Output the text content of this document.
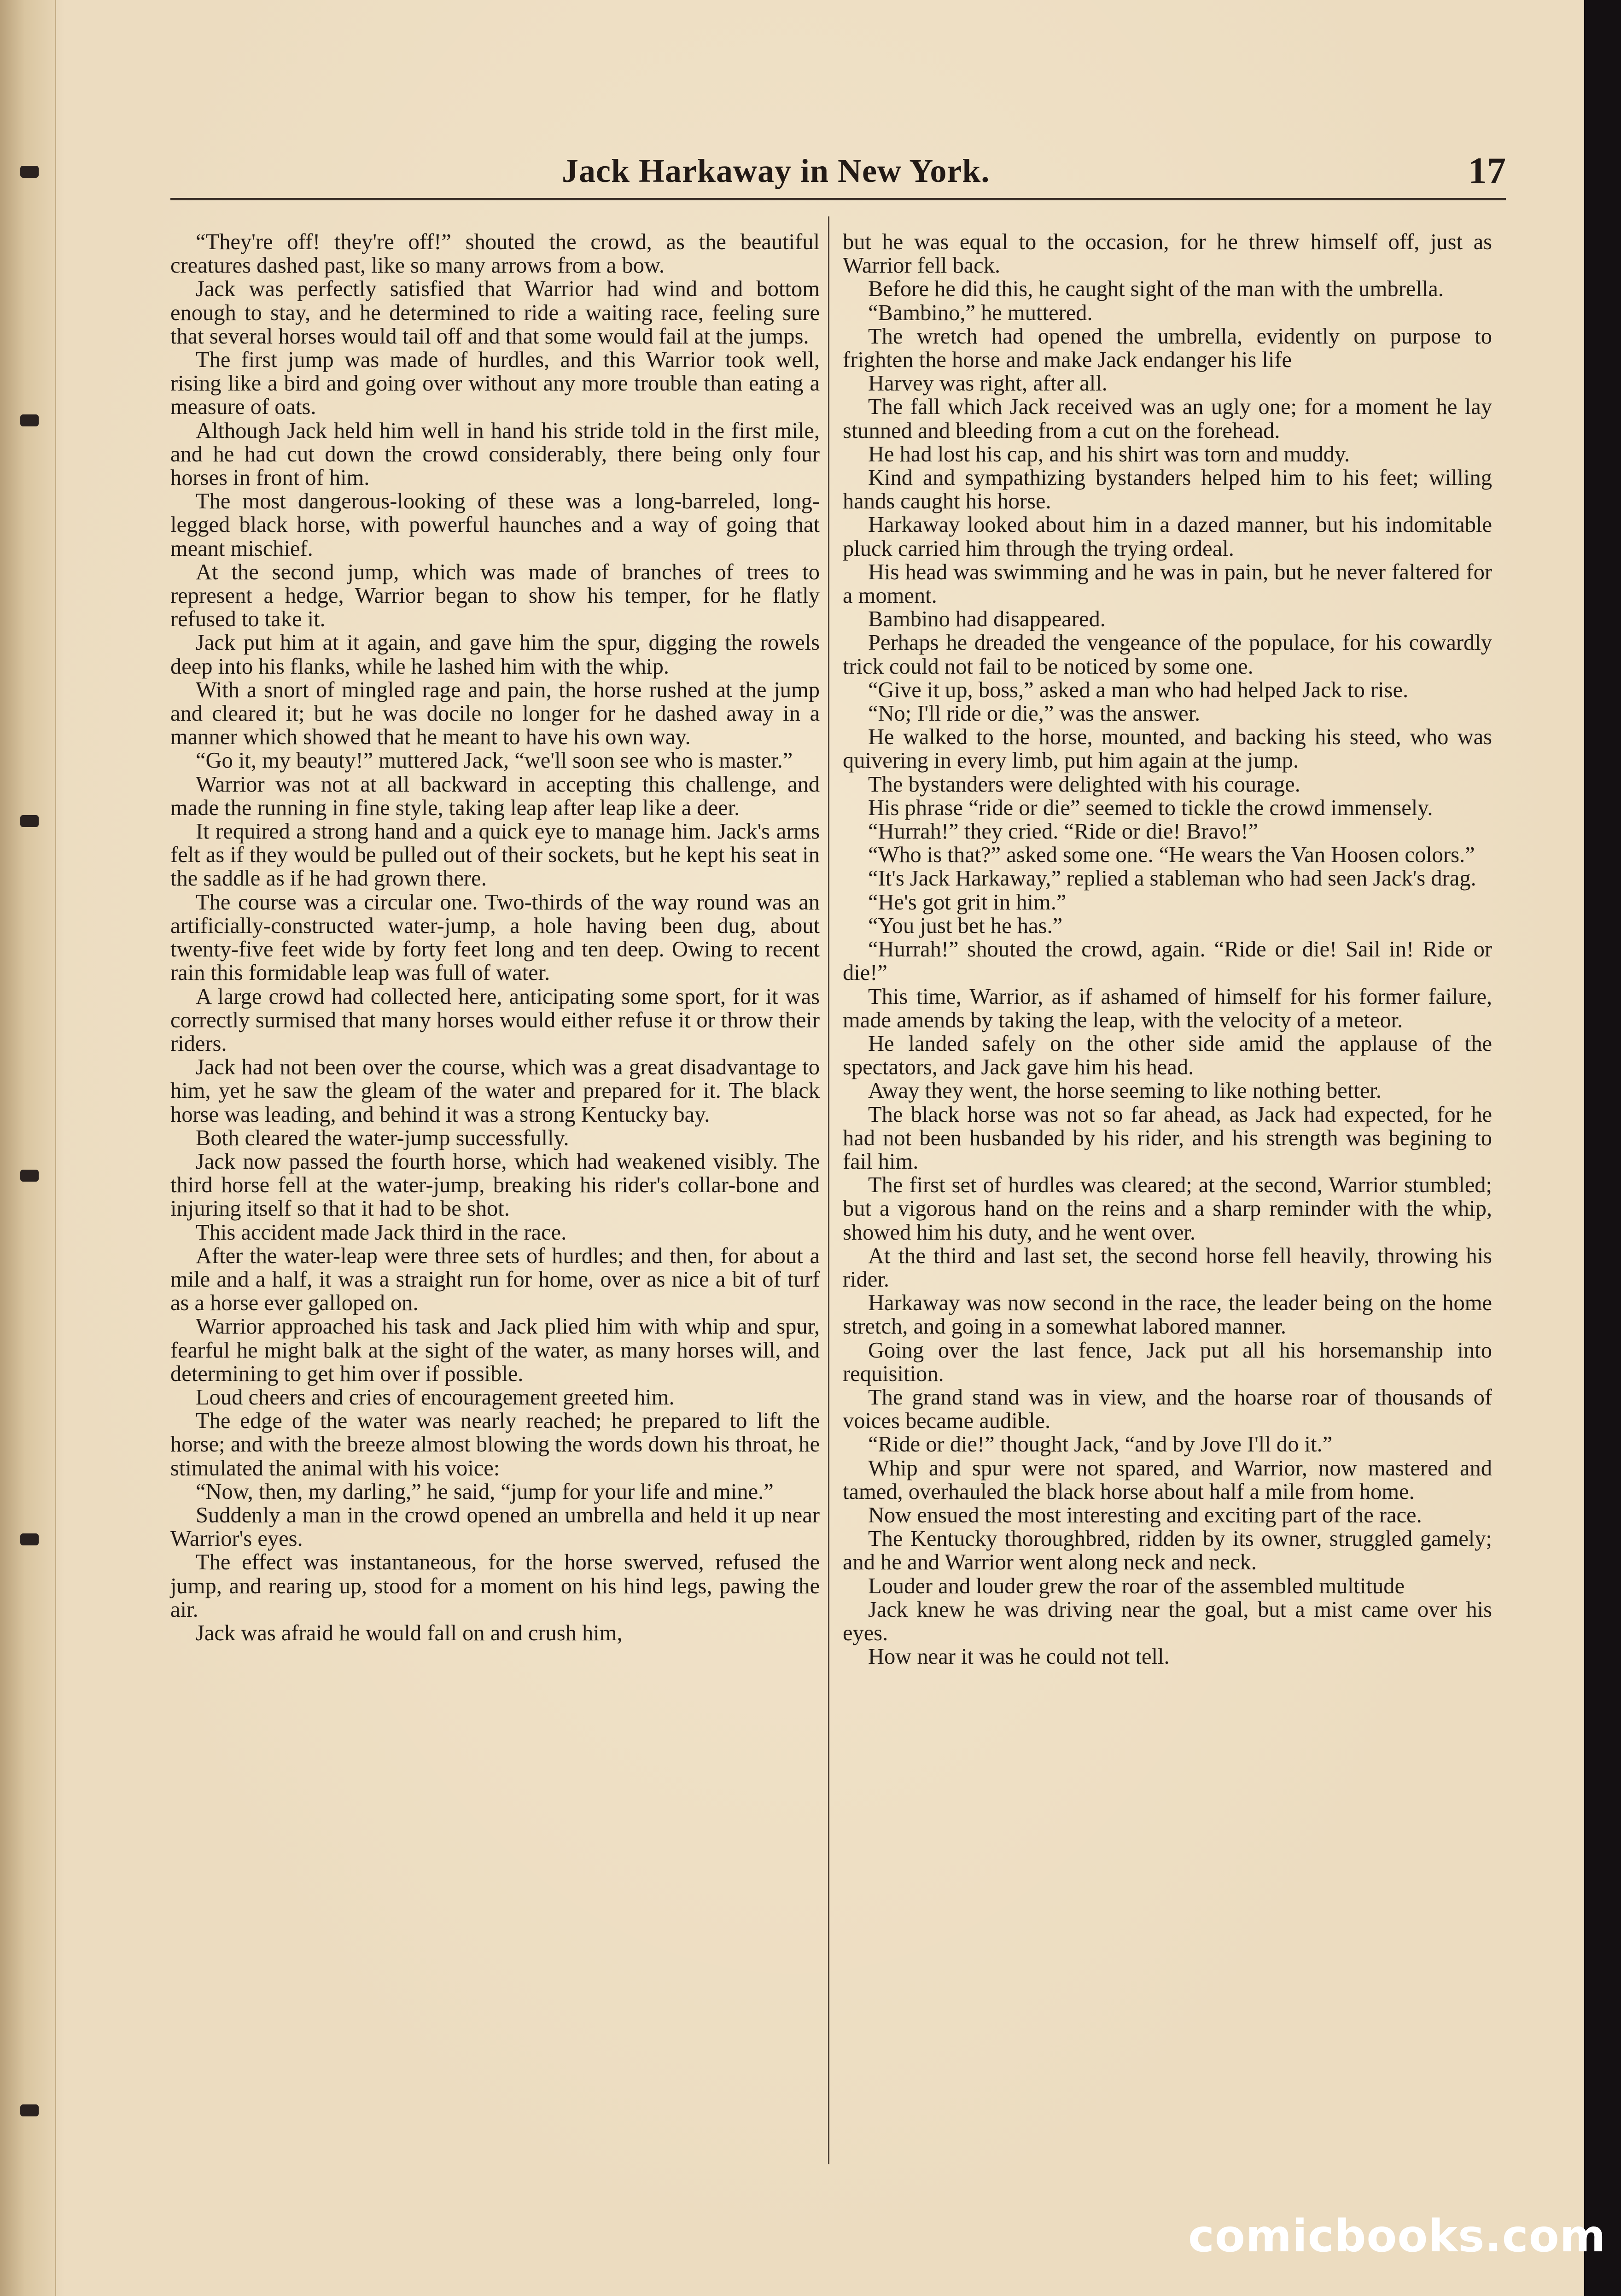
Jack Harkaway in New York.	17

“They're off! they're off!” shouted the crowd, as the beautiful creatures dashed past, like so many arrows from a bow.

Jack was perfectly satisfied that Warrior had wind and bottom enough to stay, and he determined to ride a waiting race, feeling sure that several horses would tail off and that some would fail at the jumps.

The first jump was made of hurdles, and this Warrior took well, rising like a bird and going over without any more trouble than eating a measure of oats.

Although Jack held him well in hand his stride told in the first mile, and he had cut down the crowd considerably, there being only four horses in front of him.

The most dangerous-looking of these was a long-barreled, long-legged black horse, with powerful haunches and a way of going that meant mischief.

At the second jump, which was made of branches of trees to represent a hedge, Warrior began to show his temper, for he flatly refused to take it.

Jack put him at it again, and gave him the spur, digging the rowels deep into his flanks, while he lashed him with the whip.

With a snort of mingled rage and pain, the horse rushed at the jump and cleared it; but he was docile no longer for he dashed away in a manner which showed that he meant to have his own way.

“Go it, my beauty!” muttered Jack, “we'll soon see who is master.”

Warrior was not at all backward in accepting this challenge, and made the running in fine style, taking leap after leap like a deer.

It required a strong hand and a quick eye to manage him. Jack's arms felt as if they would be pulled out of their sockets, but he kept his seat in the saddle as if he had grown there.

The course was a circular one. Two-thirds of the way round was an artificially-constructed water-jump, a hole having been dug, about twenty-five feet wide by forty feet long and ten deep. Owing to recent rain this formidable leap was full of water.

A large crowd had collected here, anticipating some sport, for it was correctly surmised that many horses would either refuse it or throw their riders.

Jack had not been over the course, which was a great disadvantage to him, yet he saw the gleam of the water and prepared for it. The black horse was leading, and behind it was a strong Kentucky bay.

Both cleared the water-jump successfully.

Jack now passed the fourth horse, which had weakened visibly. The third horse fell at the water-jump, breaking his rider's collar-bone and injuring itself so that it had to be shot.

This accident made Jack third in the race.

After the water-leap were three sets of hurdles; and then, for about a mile and a half, it was a straight run for home, over as nice a bit of turf as a horse ever galloped on.

Warrior approached his task and Jack plied him with whip and spur, fearful he might balk at the sight of the water, as many horses will, and determining to get him over if possible.

Loud cheers and cries of encouragement greeted him.

The edge of the water was nearly reached; he prepared to lift the horse; and with the breeze almost blowing the words down his throat, he stimulated the animal with his voice:

“Now, then, my darling,” he said, “jump for your life and mine.”

Suddenly a man in the crowd opened an umbrella and held it up near Warrior's eyes.

The effect was instantaneous, for the horse swerved, refused the jump, and rearing up, stood for a moment on his hind legs, pawing the air.

Jack was afraid he would fall on and crush him,

but he was equal to the occasion, for he threw himself off, just as Warrior fell back.

Before he did this, he caught sight of the man with the umbrella.

“Bambino,” he muttered.

The wretch had opened the umbrella, evidently on purpose to frighten the horse and make Jack endanger his life

Harvey was right, after all.

The fall which Jack received was an ugly one; for a moment he lay stunned and bleeding from a cut on the forehead.

He had lost his cap, and his shirt was torn and muddy.

Kind and sympathizing bystanders helped him to his feet; willing hands caught his horse.

Harkaway looked about him in a dazed manner, but his indomitable pluck carried him through the trying ordeal.

His head was swimming and he was in pain, but he never faltered for a moment.

Bambino had disappeared.

Perhaps he dreaded the vengeance of the populace, for his cowardly trick could not fail to be noticed by some one.

“Give it up, boss,” asked a man who had helped Jack to rise.

“No; I'll ride or die,” was the answer.

He walked to the horse, mounted, and backing his steed, who was quivering in every limb, put him again at the jump.

The bystanders were delighted with his courage.

His phrase “ride or die” seemed to tickle the crowd immensely.

“Hurrah!” they cried. “Ride or die! Bravo!”

“Who is that?” asked some one. “He wears the Van Hoosen colors.”

“It's Jack Harkaway,” replied a stableman who had seen Jack's drag.

“He's got grit in him.”

“You just bet he has.”

“Hurrah!” shouted the crowd, again. “Ride or die! Sail in! Ride or die!”

This time, Warrior, as if ashamed of himself for his former failure, made amends by taking the leap, with the velocity of a meteor.

He landed safely on the other side amid the applause of the spectators, and Jack gave him his head.

Away they went, the horse seeming to like nothing better.

The black horse was not so far ahead, as Jack had expected, for he had not been husbanded by his rider, and his strength was begining to fail him.

The first set of hurdles was cleared; at the second, Warrior stumbled; but a vigorous hand on the reins and a sharp reminder with the whip, showed him his duty, and he went over.

At the third and last set, the second horse fell heavily, throwing his rider.

Harkaway was now second in the race, the leader being on the home stretch, and going in a somewhat labored manner.

Going over the last fence, Jack put all his horsemanship into requisition.

The grand stand was in view, and the hoarse roar of thousands of voices became audible.

“Ride or die!” thought Jack, “and by Jove I'll do it.”

Whip and spur were not spared, and Warrior, now mastered and tamed, overhauled the black horse about half a mile from home.

Now ensued the most interesting and exciting part of the race.

The Kentucky thoroughbred, ridden by its owner, struggled gamely; and he and Warrior went along neck and neck.

Louder and louder grew the roar of the assembled multitude

Jack knew he was driving near the goal, but a mist came over his eyes.

How near it was he could not tell.

comicbooks.com
